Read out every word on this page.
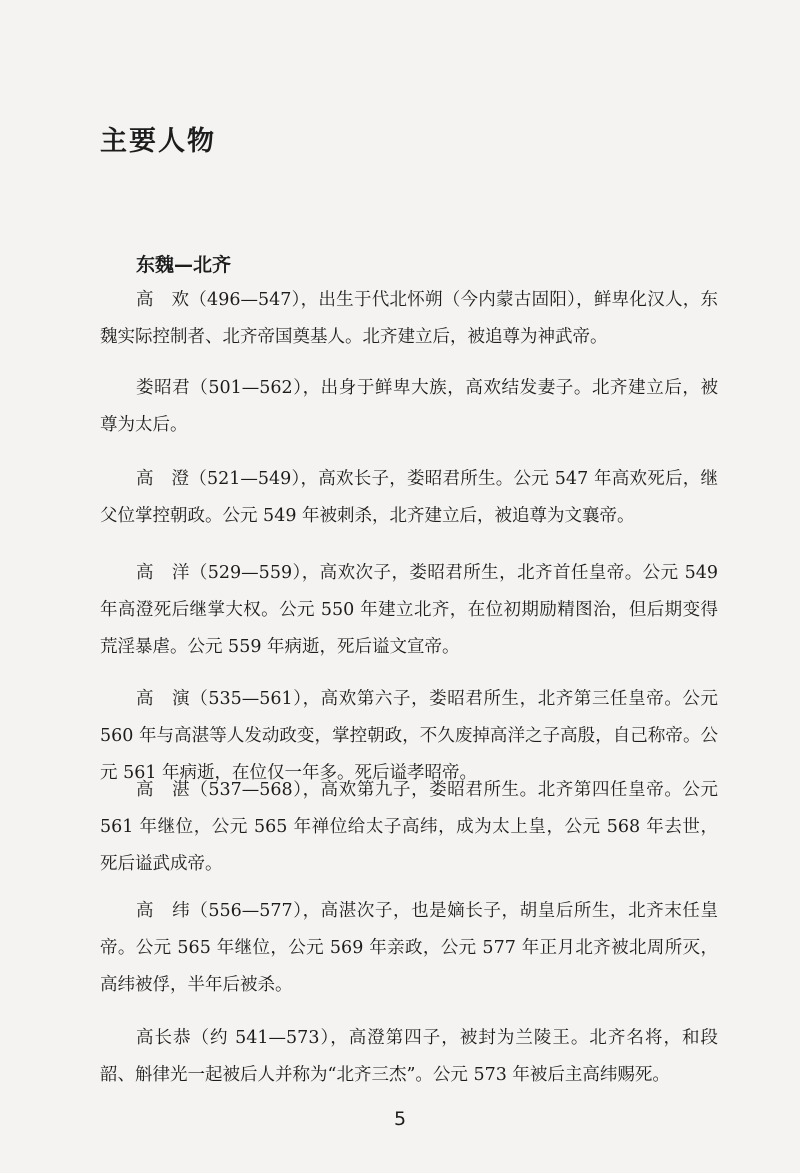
主要人物
东魏—北齐

高　欢（496—547），出生于代北怀朔（今内蒙古固阳），鲜卑化汉人，东魏实际控制者、北齐帝国奠基人。北齐建立后，被追尊为神武帝。

娄昭君（501—562），出身于鲜卑大族，高欢结发妻子。北齐建立后，被尊为太后。

高　澄（521—549），高欢长子，娄昭君所生。公元 547 年高欢死后，继父位掌控朝政。公元 549 年被刺杀，北齐建立后，被追尊为文襄帝。

高　洋（529—559），高欢次子，娄昭君所生，北齐首任皇帝。公元 549 年高澄死后继掌大权。公元 550 年建立北齐，在位初期励精图治，但后期变得荒淫暴虐。公元 559 年病逝，死后谥文宣帝。

高　演（535—561），高欢第六子，娄昭君所生，北齐第三任皇帝。公元 560 年与高湛等人发动政变，掌控朝政，不久废掉高洋之子高殷，自己称帝。公元 561 年病逝，在位仅一年多。死后谥孝昭帝。

高　湛（537—568），高欢第九子，娄昭君所生。北齐第四任皇帝。公元 561 年继位，公元 565 年禅位给太子高纬，成为太上皇，公元 568 年去世，死后谥武成帝。

高　纬（556—577），高湛次子，也是嫡长子，胡皇后所生，北齐末任皇帝。公元 565 年继位，公元 569 年亲政，公元 577 年正月北齐被北周所灭，高纬被俘，半年后被杀。

高长恭（约 541—573），高澄第四子，被封为兰陵王。北齐名将，和段韶、斛律光一起被后人并称为“北齐三杰”。公元 573 年被后主高纬赐死。

5
